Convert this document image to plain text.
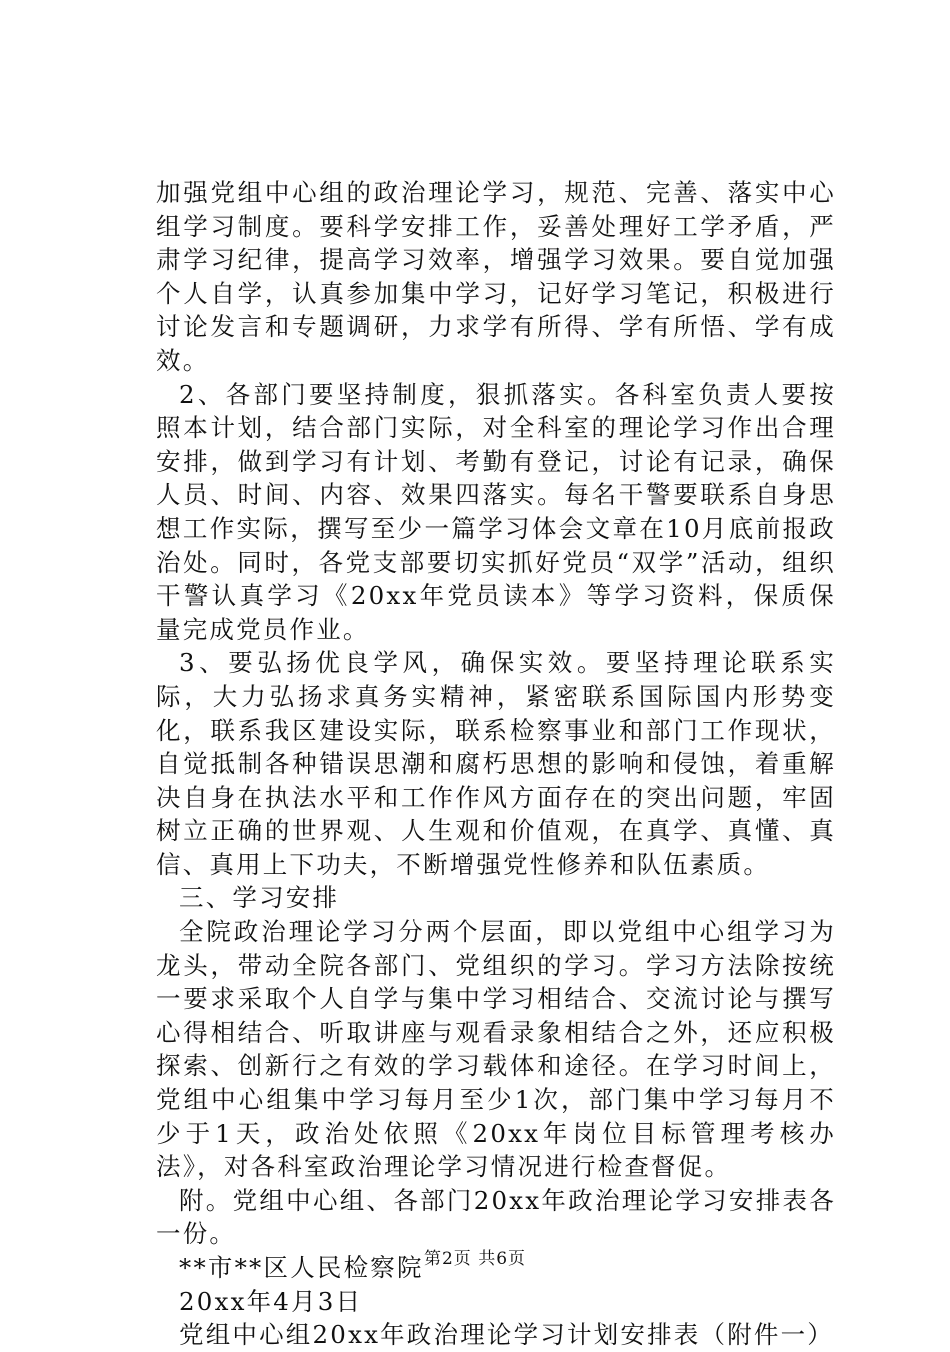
加强党组中心组的政治理论学习，规范、完善、落实中心组学习制度。要科学安排工作，妥善处理好工学矛盾，严肃学习纪律，提高学习效率，增强学习效果。要自觉加强个人自学，认真参加集中学习，记好学习笔记，积极进行讨论发言和专题调研，力求学有所得、学有所悟、学有成效。

2、各部门要坚持制度，狠抓落实。各科室负责人要按照本计划，结合部门实际，对全科室的理论学习作出合理安排，做到学习有计划、考勤有登记，讨论有记录，确保人员、时间、内容、效果四落实。每名干警要联系自身思想工作实际，撰写至少一篇学习体会文章在10月底前报政治处。同时，各党支部要切实抓好党员“双学”活动，组织干警认真学习《20xx年党员读本》等学习资料，保质保量完成党员作业。

3、要弘扬优良学风，确保实效。要坚持理论联系实际，大力弘扬求真务实精神，紧密联系国际国内形势变化，联系我区建设实际，联系检察事业和部门工作现状，自觉抵制各种错误思潮和腐朽思想的影响和侵蚀，着重解决自身在执法水平和工作作风方面存在的突出问题，牢固树立正确的世界观、人生观和价值观，在真学、真懂、真信、真用上下功夫，不断增强党性修养和队伍素质。

三、学习安排

全院政治理论学习分两个层面，即以党组中心组学习为龙头，带动全院各部门、党组织的学习。学习方法除按统一要求采取个人自学与集中学习相结合、交流讨论与撰写心得相结合、听取讲座与观看录象相结合之外，还应积极探索、创新行之有效的学习载体和途径。在学习时间上，党组中心组集中学习每月至少1次，部门集中学习每月不少于1天，政治处依照《20xx年岗位目标管理考核办法》，对各科室政治理论学习情况进行检查督促。

附。党组中心组、各部门20xx年政治理论学习安排表各一份。

**市**区人民检察院

20xx年4月3日

党组中心组20xx年政治理论学习计划安排表（附件一）

第2页 共6页
